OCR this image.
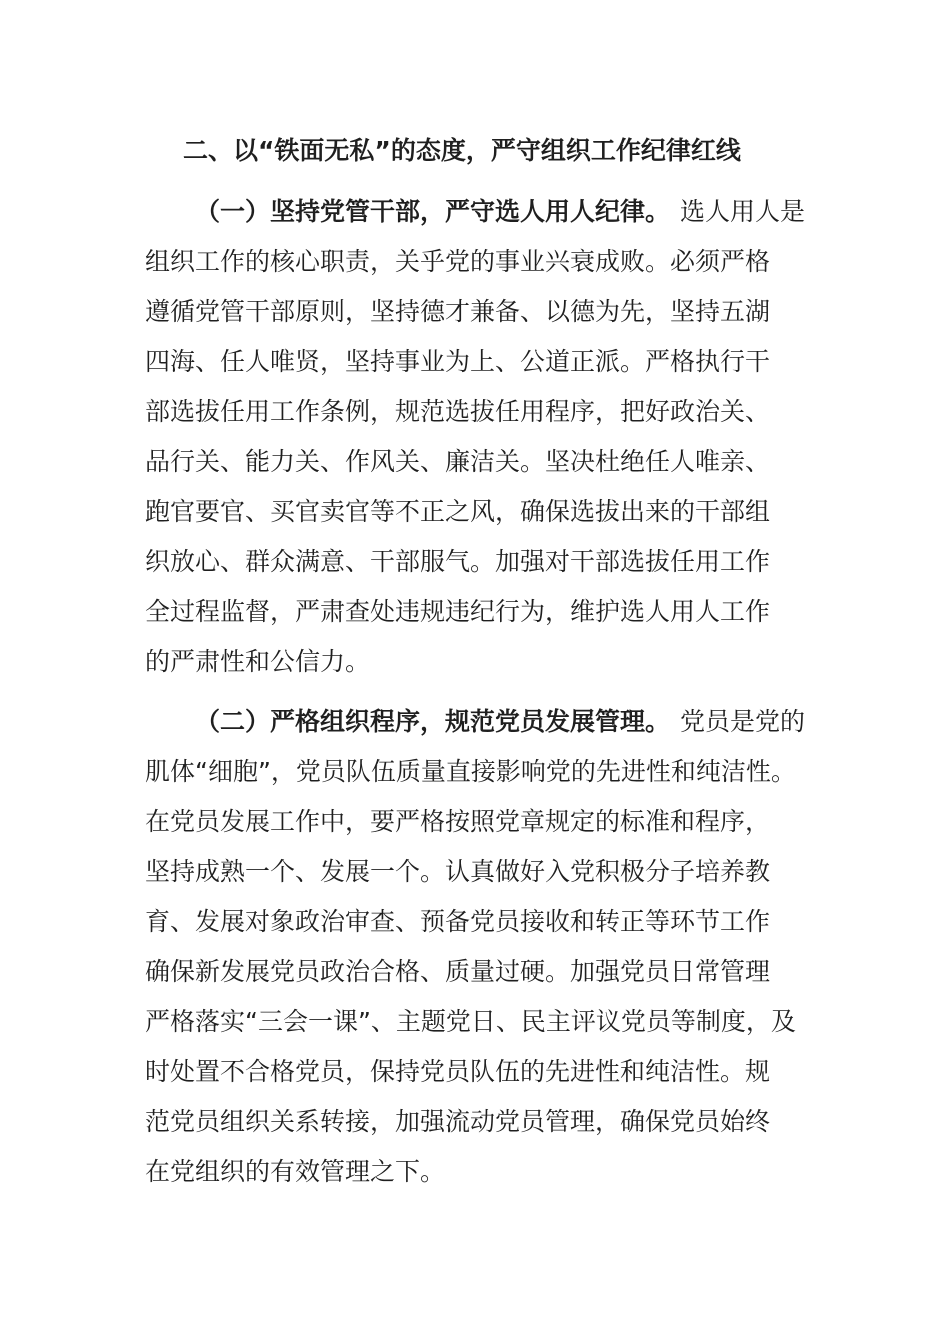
二、以“铁面无私”的态度，严守组织工作纪律红线
（一）坚持党管干部，严守选人用人纪律。 选人用人是
组织工作的核心职责，关乎党的事业兴衰成败。必须严格
遵循党管干部原则，坚持德才兼备、以德为先，坚持五湖
四海、任人唯贤，坚持事业为上、公道正派。严格执行干
部选拔任用工作条例，规范选拔任用程序，把好政治关、
品行关、能力关、作风关、廉洁关。坚决杜绝任人唯亲、
跑官要官、买官卖官等不正之风，确保选拔出来的干部组
织放心、群众满意、干部服气。加强对干部选拔任用工作
全过程监督，严肃查处违规违纪行为，维护选人用人工作
的严肃性和公信力。
（二）严格组织程序，规范党员发展管理。 党员是党的
肌体“细胞”，党员队伍质量直接影响党的先进性和纯洁性。
在党员发展工作中，要严格按照党章规定的标准和程序，
坚持成熟一个、发展一个。认真做好入党积极分子培养教
育、发展对象政治审查、预备党员接收和转正等环节工作
确保新发展党员政治合格、质量过硬。加强党员日常管理
严格落实“三会一课”、主题党日、民主评议党员等制度，及
时处置不合格党员，保持党员队伍的先进性和纯洁性。规
范党员组织关系转接，加强流动党员管理，确保党员始终
在党组织的有效管理之下。
